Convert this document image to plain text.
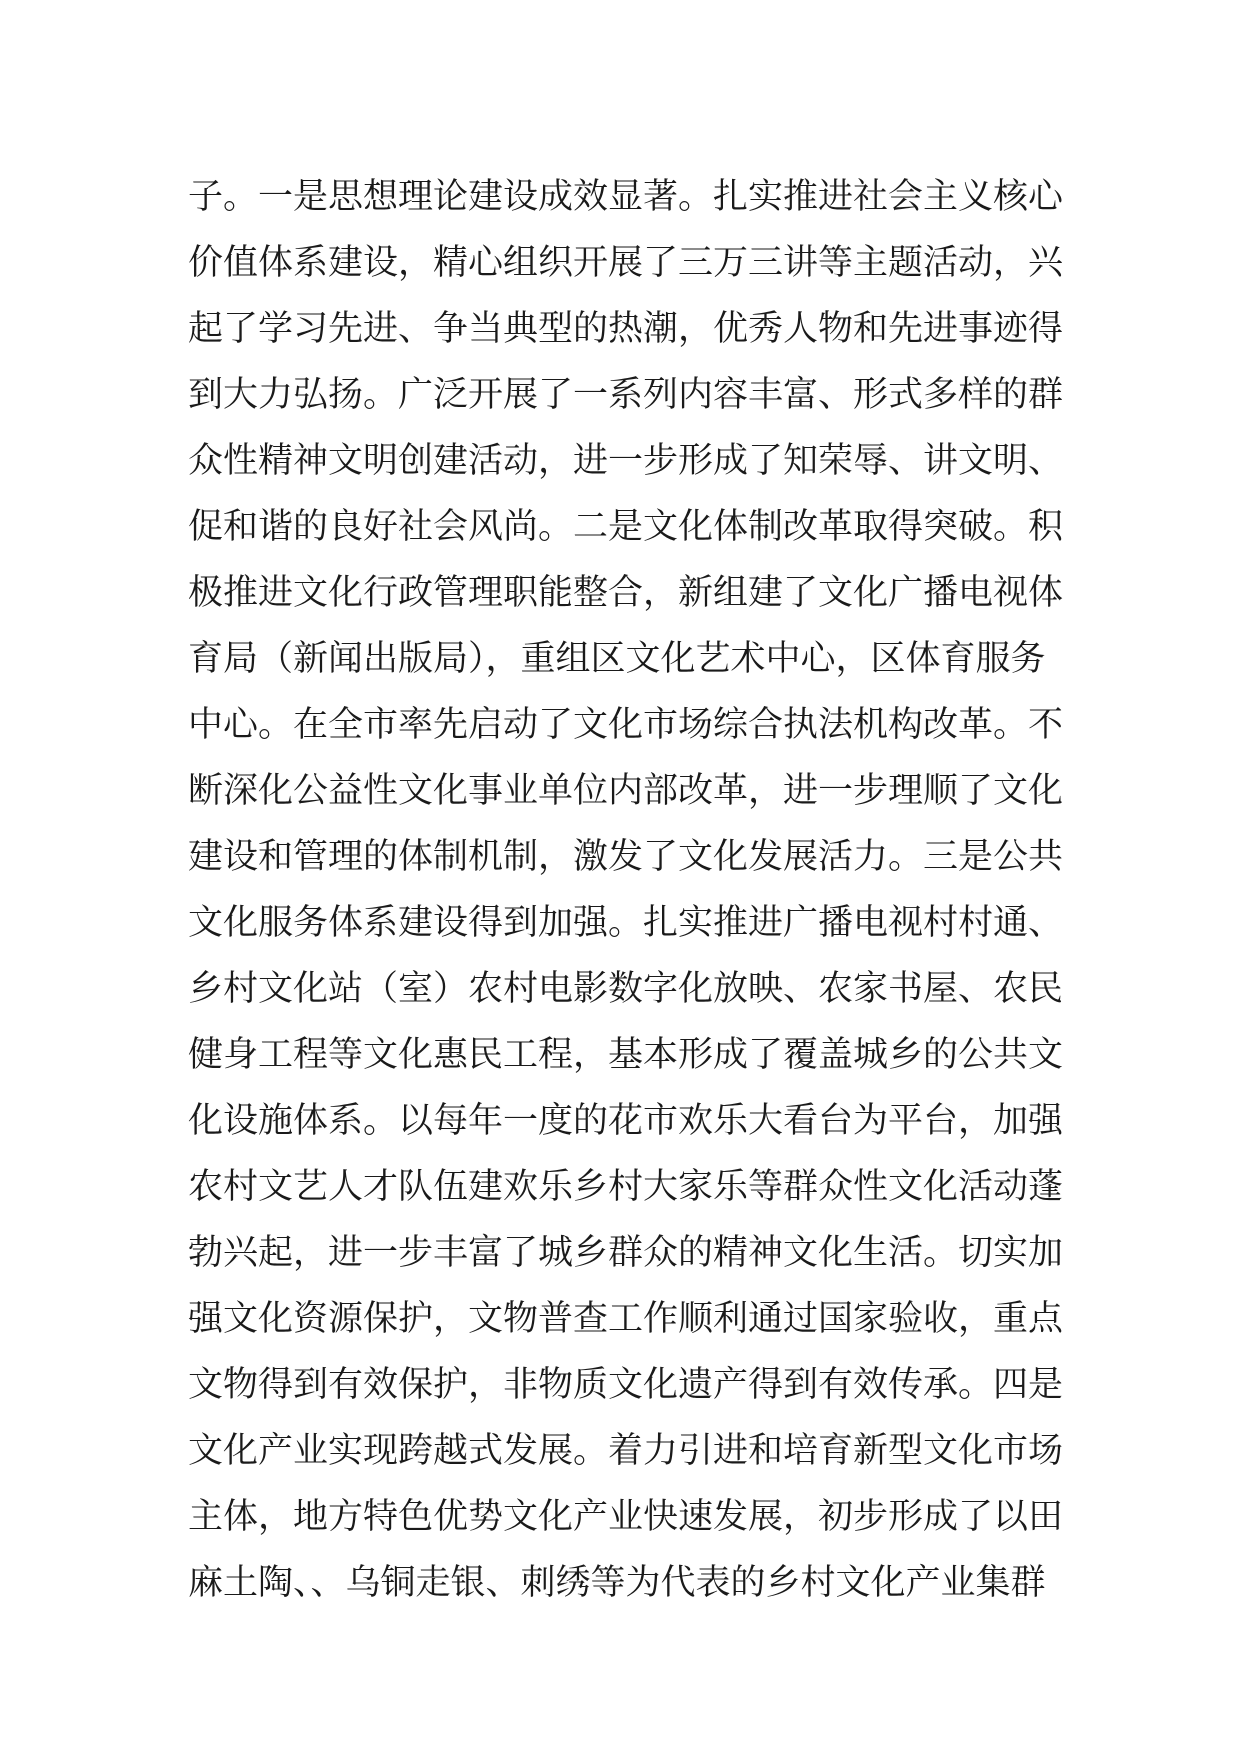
子。一是思想理论建设成效显著。扎实推进社会主义核心
价值体系建设，精心组织开展了三万三讲等主题活动，兴
起了学习先进、争当典型的热潮，优秀人物和先进事迹得
到大力弘扬。广泛开展了一系列内容丰富、形式多样的群
众性精神文明创建活动，进一步形成了知荣辱、讲文明、
促和谐的良好社会风尚。二是文化体制改革取得突破。积
极推进文化行政管理职能整合，新组建了文化广播电视体
育局（新闻出版局），重组区文化艺术中心，区体育服务
中心。在全市率先启动了文化市场综合执法机构改革。不
断深化公益性文化事业单位内部改革，进一步理顺了文化
建设和管理的体制机制，激发了文化发展活力。三是公共
文化服务体系建设得到加强。扎实推进广播电视村村通、
乡村文化站（室）农村电影数字化放映、农家书屋、农民
健身工程等文化惠民工程，基本形成了覆盖城乡的公共文
化设施体系。以每年一度的花市欢乐大看台为平台，加强
农村文艺人才队伍建欢乐乡村大家乐等群众性文化活动蓬
勃兴起，进一步丰富了城乡群众的精神文化生活。切实加
强文化资源保护，文物普查工作顺利通过国家验收，重点
文物得到有效保护，非物质文化遗产得到有效传承。四是
文化产业实现跨越式发展。着力引进和培育新型文化市场
主体，地方特色优势文化产业快速发展，初步形成了以田
麻土陶、、乌铜走银、刺绣等为代表的乡村文化产业集群
